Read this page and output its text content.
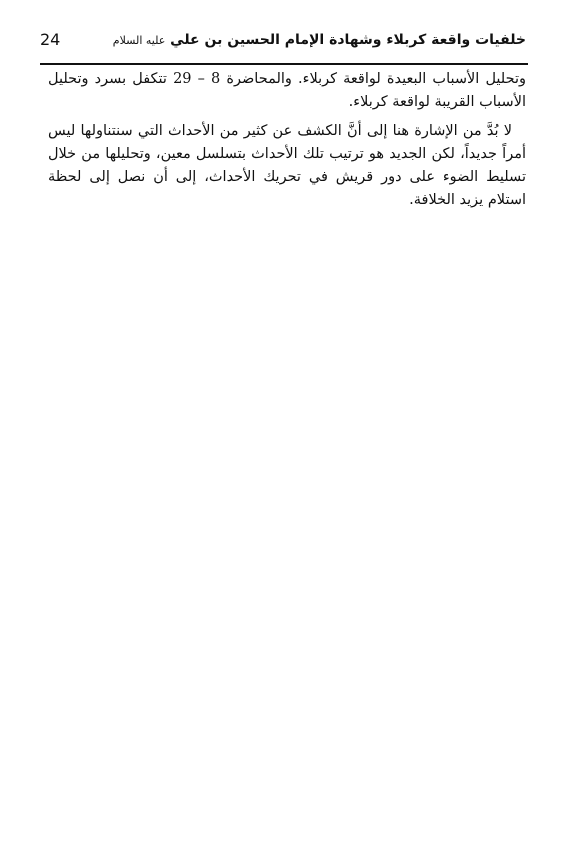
خلفيات واقعة كربلاء وشهادة الإمام الحسين بن علي عليه السلام
24

وتحليل الأسباب البعيدة لواقعة كربلاء. والمحاضرة 8 – 29 تتكفل بسرد وتحليل الأسباب القريبة لواقعة كربلاء.

لا بُدَّ من الإشارة هنا إلى أنَّ الكشف عن كثير من الأحداث التي سنتناولها ليس أمراً جديداً، لكن الجديد هو ترتيب تلك الأحداث بتسلسل معين، وتحليلها من خلال تسليط الضوء على دور قريش في تحريك الأحداث، إلى أن نصل إلى لحظة استلام يزيد الخلافة.
